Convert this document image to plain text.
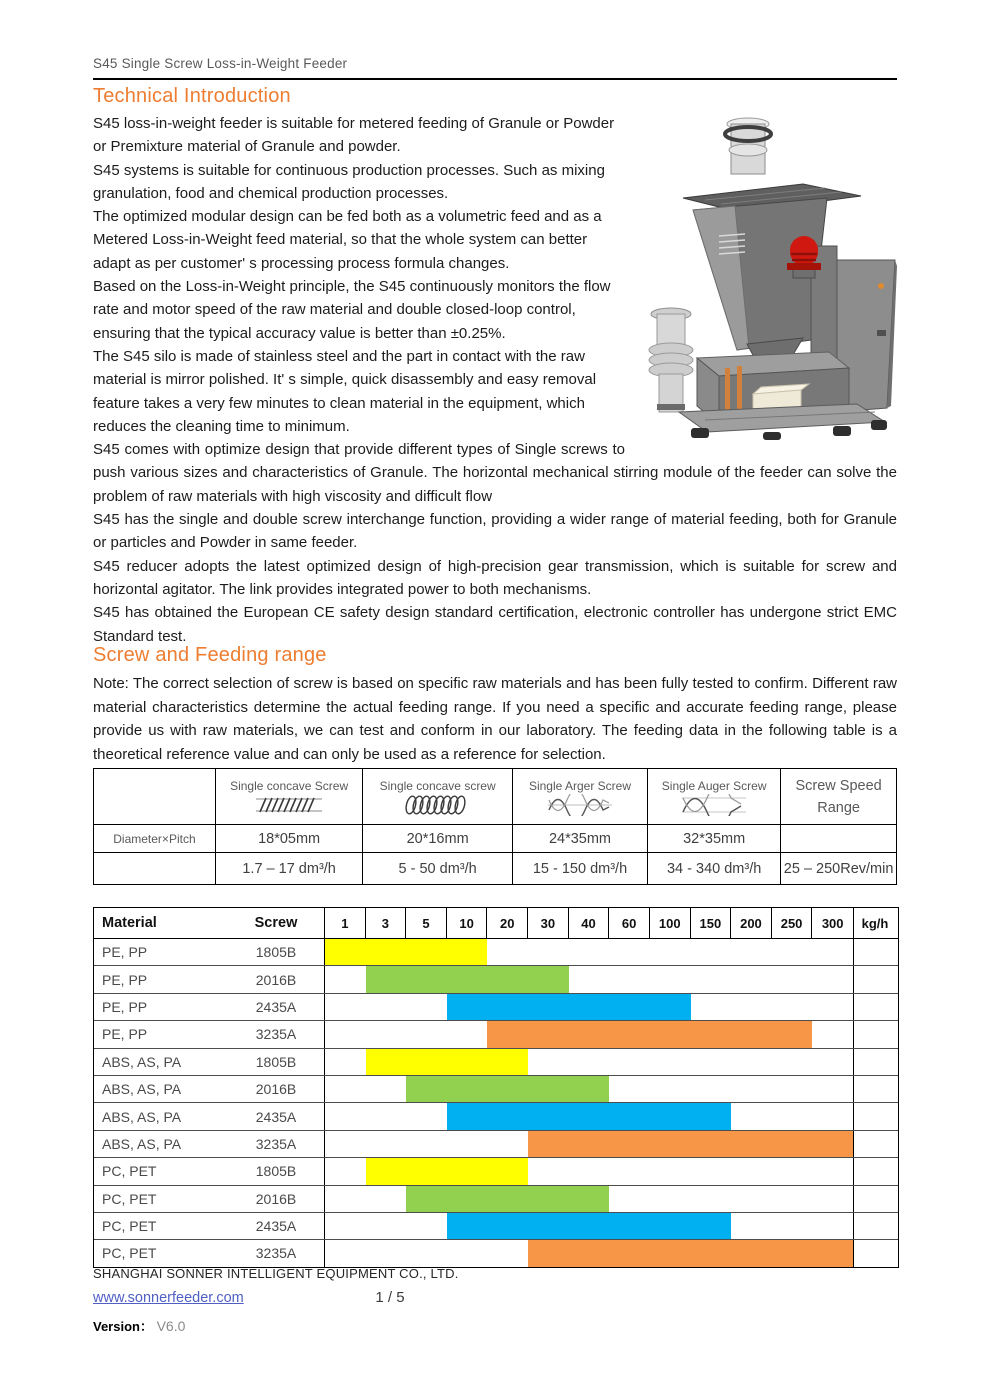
S45 Single Screw Loss-in-Weight Feeder
Technical Introduction

S45 loss-in-weight feeder is suitable for metered feeding of Granule or Powder or Premixture material of Granule and powder.

S45 systems is suitable for continuous production processes. Such as mixing granulation, food and chemical production processes.

The optimized modular design can be fed both as a volumetric feed and as a Metered Loss-in-Weight feed material, so that the whole system can better adapt as per customer' s processing process formula changes.

Based on the Loss-in-Weight principle, the S45 continuously monitors the flow rate and motor speed of the raw material and double closed-loop control, ensuring that the typical accuracy value is better than ±0.25%.

The S45 silo is made of stainless steel and the part in contact with the raw material is mirror polished. It' s simple, quick disassembly and easy removal feature takes a very few minutes to clean material in the equipment, which reduces the cleaning time to minimum.

S45 comes with optimize design that provide different types of Single screws to push various sizes and characteristics of Granule. The horizontal mechanical stirring module of the feeder can solve the problem of raw materials with high viscosity and difficult flow

S45 has the single and double screw interchange function, providing a wider range of material feeding, both for Granule or particles and Powder in same feeder.

S45 reducer adopts the latest optimized design of high-precision gear transmission, which is suitable for screw and horizontal agitator. The link provides integrated power to both mechanisms.

S45 has obtained the European CE safety design standard certification, electronic controller has undergone strict EMC Standard test.

Screw and Feeding range
Note: The correct selection of screw is based on specific raw materials and has been fully tested to confirm. Different raw material characteristics determine the actual feeding range. If you need a specific and accurate feeding range, please provide us with raw materials, we can test and conform in our laboratory. The feeding data in the following table is a theoretical reference value and can only be used as a reference for selection.
	Single concave Screw	Single concave screw	Single Arger Screw	Single Auger Screw	Screw Speed
Range

Diameter×Pitch	18*05mm	20*16mm	24*35mm	32*35mm	
	1.7 – 17 dm³/h	5 - 50 dm³/h	15 - 150 dm³/h	34 - 340 dm³/h	25 – 250Rev/min
Material	Screw	1	3	5	10	20	30	40	60	100	150	200	250	300	kg/h
PE, PP	1805B
PE, PP	2016B
PE, PP	2435A
PE, PP	3235A
ABS, AS, PA	1805B
ABS, AS, PA	2016B
ABS, AS, PA	2435A
ABS, AS, PA	3235A
PC, PET	1805B
PC, PET	2016B
PC, PET	2435A
PC, PET	3235A
SHANGHAI SONNER INTELLIGENT EQUIPMENT CO., LTD.
www.sonnerfeeder.com	1 / 5
Version： V6.0
